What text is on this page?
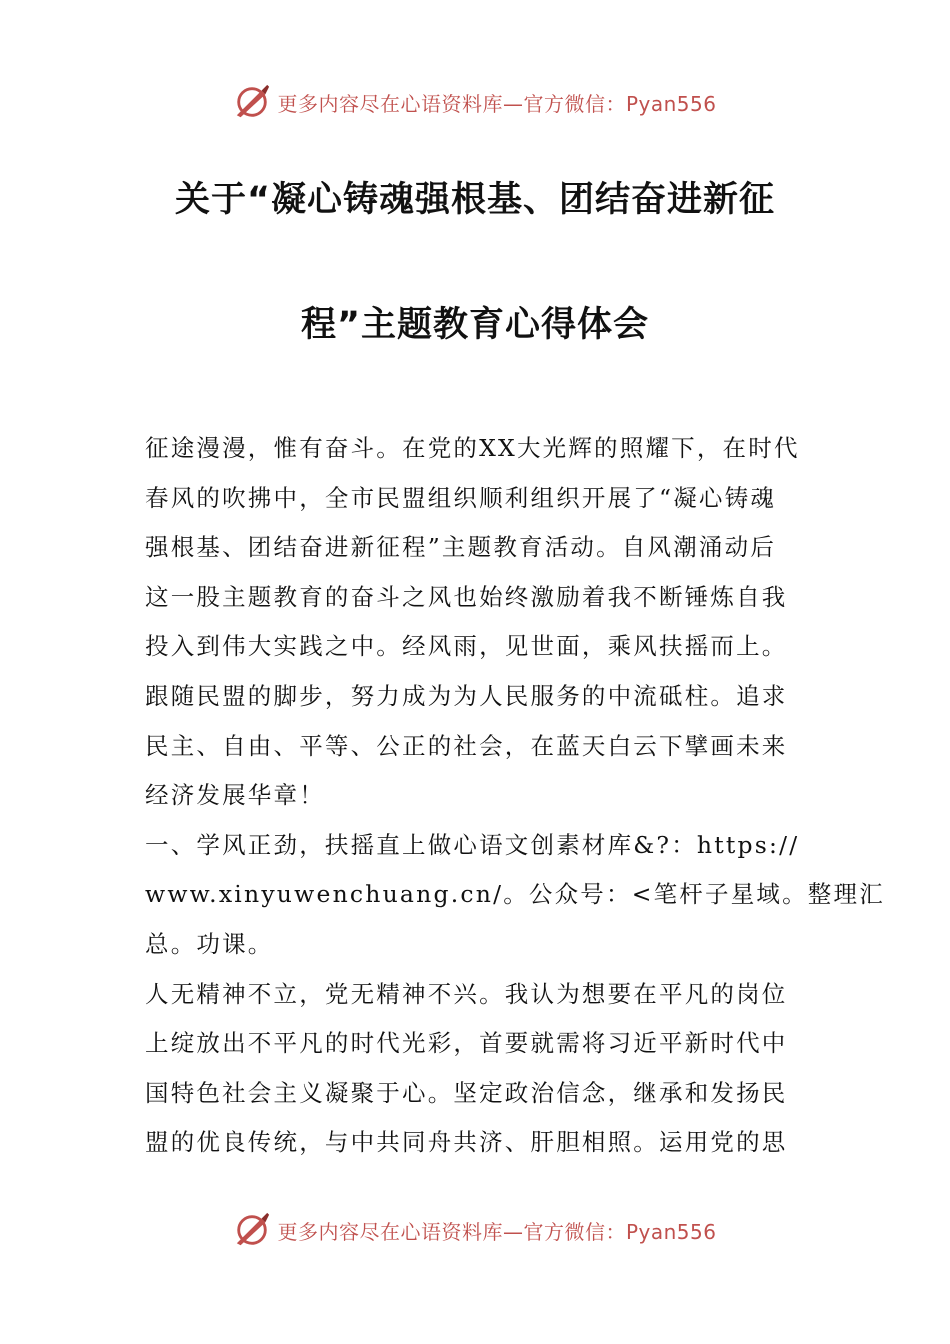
更多内容尽在心语资料库—官方微信：Pyan556
关于“凝心铸魂强根基、团结奋进新征
程”主题教育心得体会
征途漫漫，惟有奋斗。在党的XX大光辉的照耀下，在时代
春风的吹拂中，全市民盟组织顺利组织开展了“凝心铸魂
强根基、团结奋进新征程”主题教育活动。自风潮涌动后
这一股主题教育的奋斗之风也始终激励着我不断锤炼自我
投入到伟大实践之中。经风雨，见世面，乘风扶摇而上。
跟随民盟的脚步，努力成为为人民服务的中流砥柱。追求
民主、自由、平等、公正的社会，在蓝天白云下擘画未来
经济发展华章！
一、学风正劲，扶摇直上做心语文创素材库&?：https://
www.xinyuwenchuang.cn/。公众号：<笔杆子星域。整理汇
总。功课。
人无精神不立，党无精神不兴。我认为想要在平凡的岗位
上绽放出不平凡的时代光彩，首要就需将习近平新时代中
国特色社会主义凝聚于心。坚定政治信念，继承和发扬民
盟的优良传统，与中共同舟共济、肝胆相照。运用党的思
更多内容尽在心语资料库—官方微信：Pyan556
